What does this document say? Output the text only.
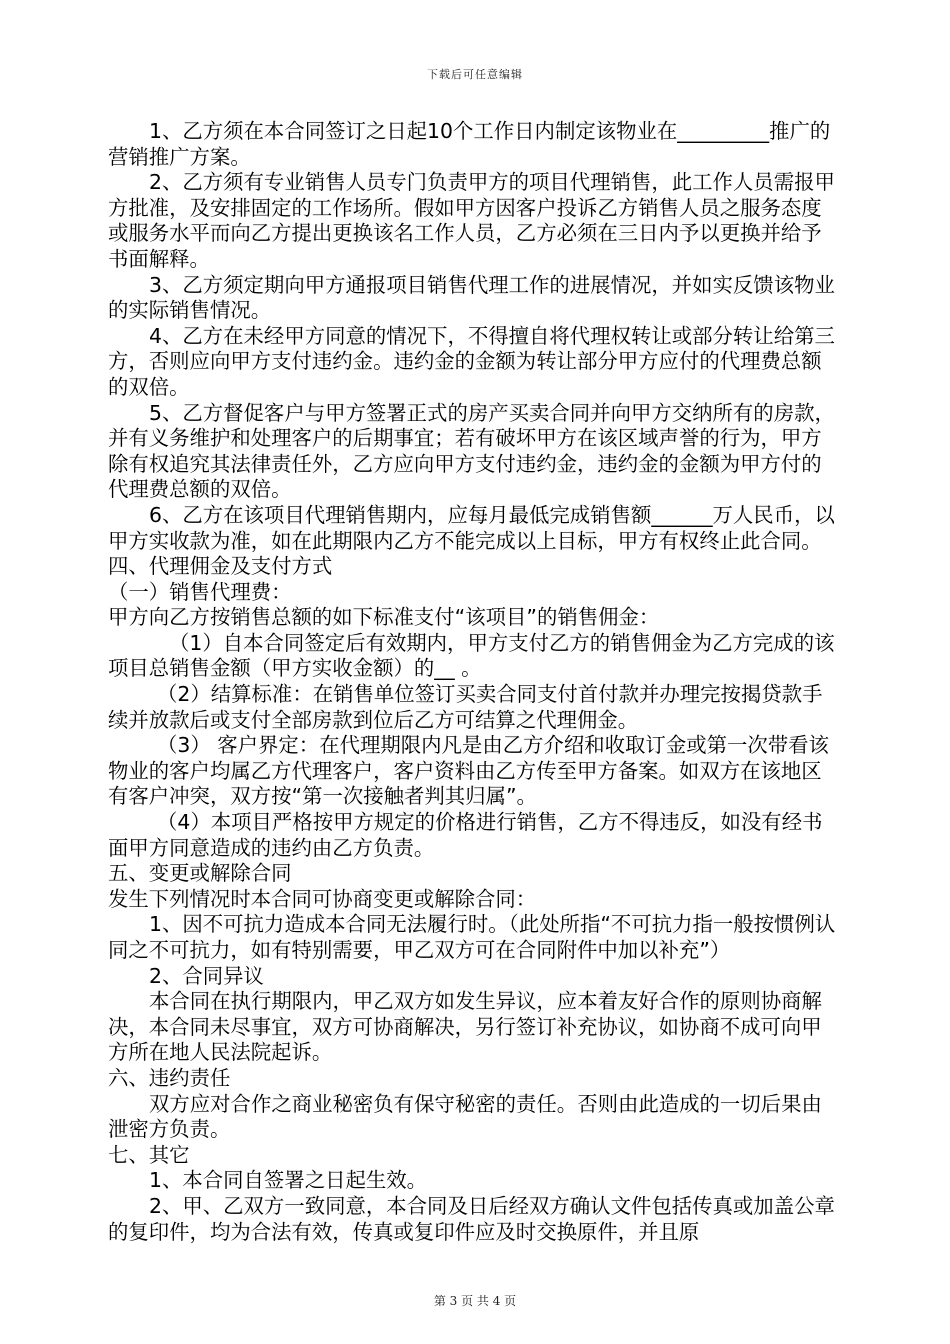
下载后可任意编辑

1、乙方须在本合同签订之日起10个工作日内制定该物业在_________推广的营销推广方案。

2、乙方须有专业销售人员专门负责甲方的项目代理销售，此工作人员需报甲方批准，及安排固定的工作场所。假如甲方因客户投诉乙方销售人员之服务态度或服务水平而向乙方提出更换该名工作人员，乙方必须在三日内予以更换并给予书面解释。

3、乙方须定期向甲方通报项目销售代理工作的进展情况，并如实反馈该物业的实际销售情况。

4、乙方在未经甲方同意的情况下，不得擅自将代理权转让或部分转让给第三方，否则应向甲方支付违约金。违约金的金额为转让部分甲方应付的代理费总额的双倍。

5、乙方督促客户与甲方签署正式的房产买卖合同并向甲方交纳所有的房款，并有义务维护和处理客户的后期事宜；若有破坏甲方在该区域声誉的行为，甲方除有权追究其法律责任外，乙方应向甲方支付违约金，违约金的金额为甲方付的代理费总额的双倍。

6、乙方在该项目代理销售期内，应每月最低完成销售额______万人民币，以甲方实收款为准，如在此期限内乙方不能完成以上目标，甲方有权终止此合同。

四、代理佣金及支付方式

（一）销售代理费：

甲方向乙方按销售总额的如下标准支付“该项目”的销售佣金：

（1）自本合同签定后有效期内，甲方支付乙方的销售佣金为乙方完成的该项目总销售金额（甲方实收金额）的__ 。

（2）结算标准：在销售单位签订买卖合同支付首付款并办理完按揭贷款手续并放款后或支付全部房款到位后乙方可结算之代理佣金。

（3） 客户界定：在代理期限内凡是由乙方介绍和收取订金或第一次带看该物业的客户均属乙方代理客户，客户资料由乙方传至甲方备案。如双方在该地区有客户冲突，双方按“第一次接触者判其归属”。

（4）本项目严格按甲方规定的价格进行销售，乙方不得违反，如没有经书面甲方同意造成的违约由乙方负责。

五、变更或解除合同

发生下列情况时本合同可协商变更或解除合同：

1、因不可抗力造成本合同无法履行时。（此处所指“不可抗力指一般按惯例认同之不可抗力，如有特别需要，甲乙双方可在合同附件中加以补充”）

2、合同异议

本合同在执行期限内，甲乙双方如发生异议，应本着友好合作的原则协商解决，本合同未尽事宜，双方可协商解决，另行签订补充协议，如协商不成可向甲方所在地人民法院起诉。

六、违约责任

双方应对合作之商业秘密负有保守秘密的责任。否则由此造成的一切后果由泄密方负责。

七、其它

1、本合同自签署之日起生效。

2、甲、乙双方一致同意，本合同及日后经双方确认文件包括传真或加盖公章的复印件，均为合法有效，传真或复印件应及时交换原件，并且原

第 3 页 共 4 页
